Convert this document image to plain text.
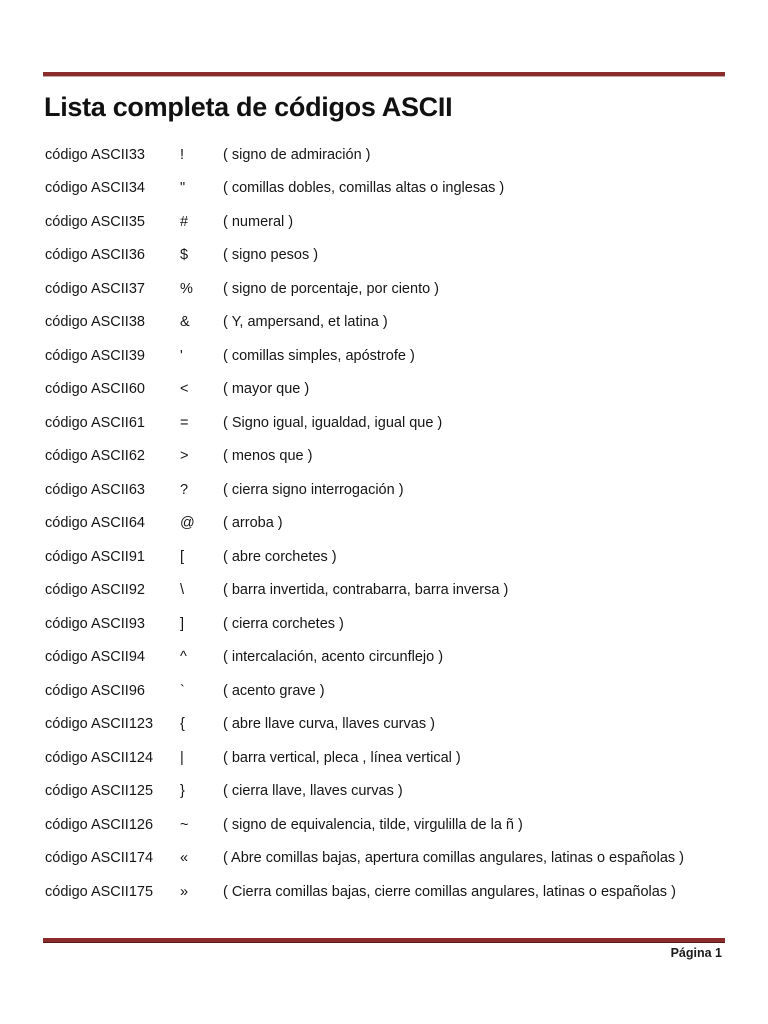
Lista completa de códigos ASCII
código ASCII33	!	( signo de admiración )
código ASCII34	"	( comillas dobles, comillas altas o inglesas )
código ASCII35	#	( numeral )
código ASCII36	$	( signo pesos )
código ASCII37	%	( signo de porcentaje, por ciento )
código ASCII38	&	( Y, ampersand, et latina )
código ASCII39	'	( comillas simples, apóstrofe )
código ASCII60	<	( mayor que )
código ASCII61	=	( Signo igual, igualdad, igual que )
código ASCII62	>	( menos que )
código ASCII63	?	( cierra signo interrogación )
código ASCII64	@	( arroba )
código ASCII91	[	( abre corchetes )
código ASCII92	\	( barra invertida, contrabarra, barra inversa )
código ASCII93	]	( cierra corchetes )
código ASCII94	^	( intercalación, acento circunflejo )
código ASCII96	`	( acento grave )
código ASCII123	{	( abre llave curva, llaves curvas )
código ASCII124	|	( barra vertical, pleca , línea vertical )
código ASCII125	}	( cierra llave, llaves curvas )
código ASCII126	~	( signo de equivalencia, tilde, virgulilla de la ñ )
código ASCII174	«	( Abre comillas bajas, apertura comillas angulares, latinas o españolas )
código ASCII175	»	( Cierra comillas bajas, cierre comillas angulares, latinas o españolas )
Página 1
